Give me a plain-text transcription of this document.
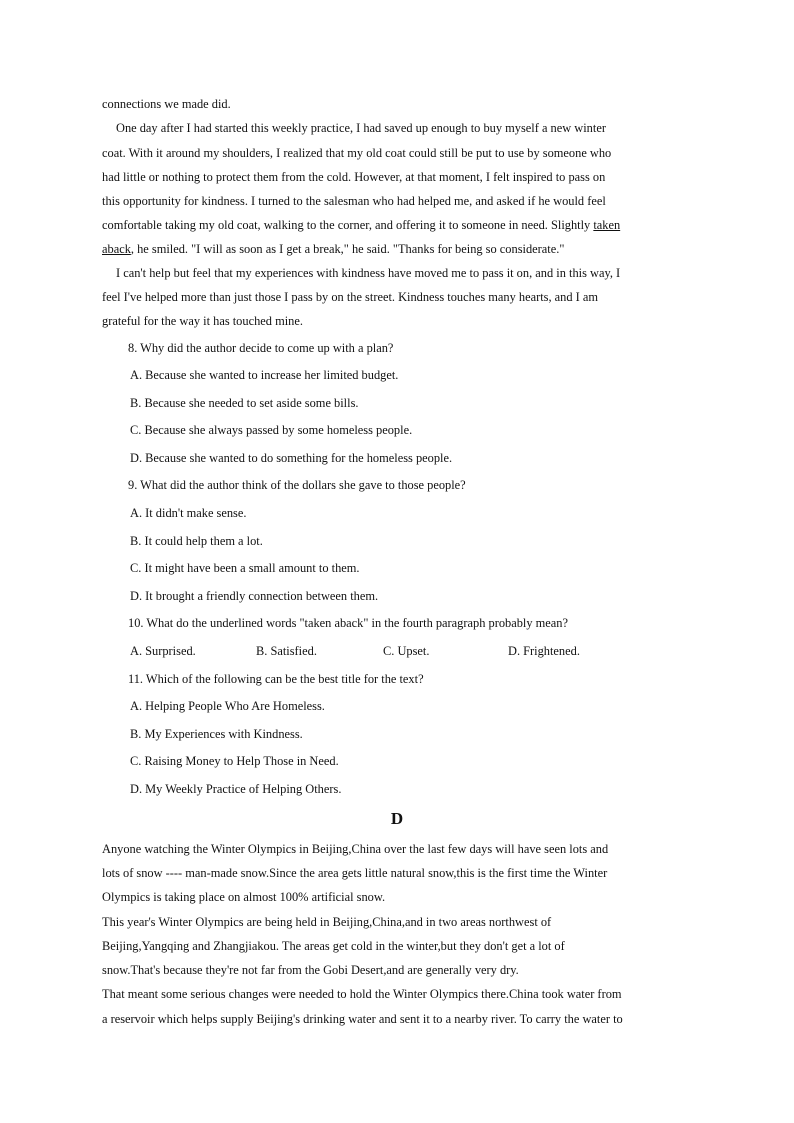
connections we made did.
One day after I had started this weekly practice, I had saved up enough to buy myself a new winter
coat. With it around my shoulders, I realized that my old coat could still be put to use by someone who
had little or nothing to protect them from the cold. However, at that moment, I felt inspired to pass on
this opportunity for kindness. I turned to the salesman who had helped me, and asked if he would feel
comfortable taking my old coat, walking to the corner, and offering it to someone in need. Slightly taken
aback, he smiled. "I will as soon as I get a break," he said. "Thanks for being so considerate."
I can't help but feel that my experiences with kindness have moved me to pass it on, and in this way, I
feel I've helped more than just those I pass by on the street. Kindness touches many hearts, and I am
grateful for the way it has touched mine.
8. Why did the author decide to come up with a plan?
A. Because she wanted to increase her limited budget.
B. Because she needed to set aside some bills.
C. Because she always passed by some homeless people.
D. Because she wanted to do something for the homeless people.
9. What did the author think of the dollars she gave to those people?
A. It didn't make sense.
B. It could help them a lot.
C. It might have been a small amount to them.
D. It brought a friendly connection between them.
10. What do the underlined words "taken aback" in the fourth paragraph probably mean?
A. Surprised.	B. Satisfied.	C. Upset.	D. Frightened.
11. Which of the following can be the best title for the text?
A. Helping People Who Are Homeless.
B. My Experiences with Kindness.
C. Raising Money to Help Those in Need.
D. My Weekly Practice of Helping Others.
D
Anyone watching the Winter Olympics in Beijing,China over the last few days will have seen lots and
lots of snow ---- man-made snow.Since the area gets little natural snow,this is the first time the Winter
Olympics is taking place on almost 100% artificial snow.
This year's Winter Olympics are being held in Beijing,China,and in two areas northwest of
Beijing,Yangqing and Zhangjiakou. The areas get cold in the winter,but they don't get a lot of
snow.That's because they're not far from the Gobi Desert,and are generally very dry.
That meant some serious changes were needed to hold the Winter Olympics there.China took water from
a reservoir which helps supply Beijing's drinking water and sent it to a nearby river. To carry the water to
